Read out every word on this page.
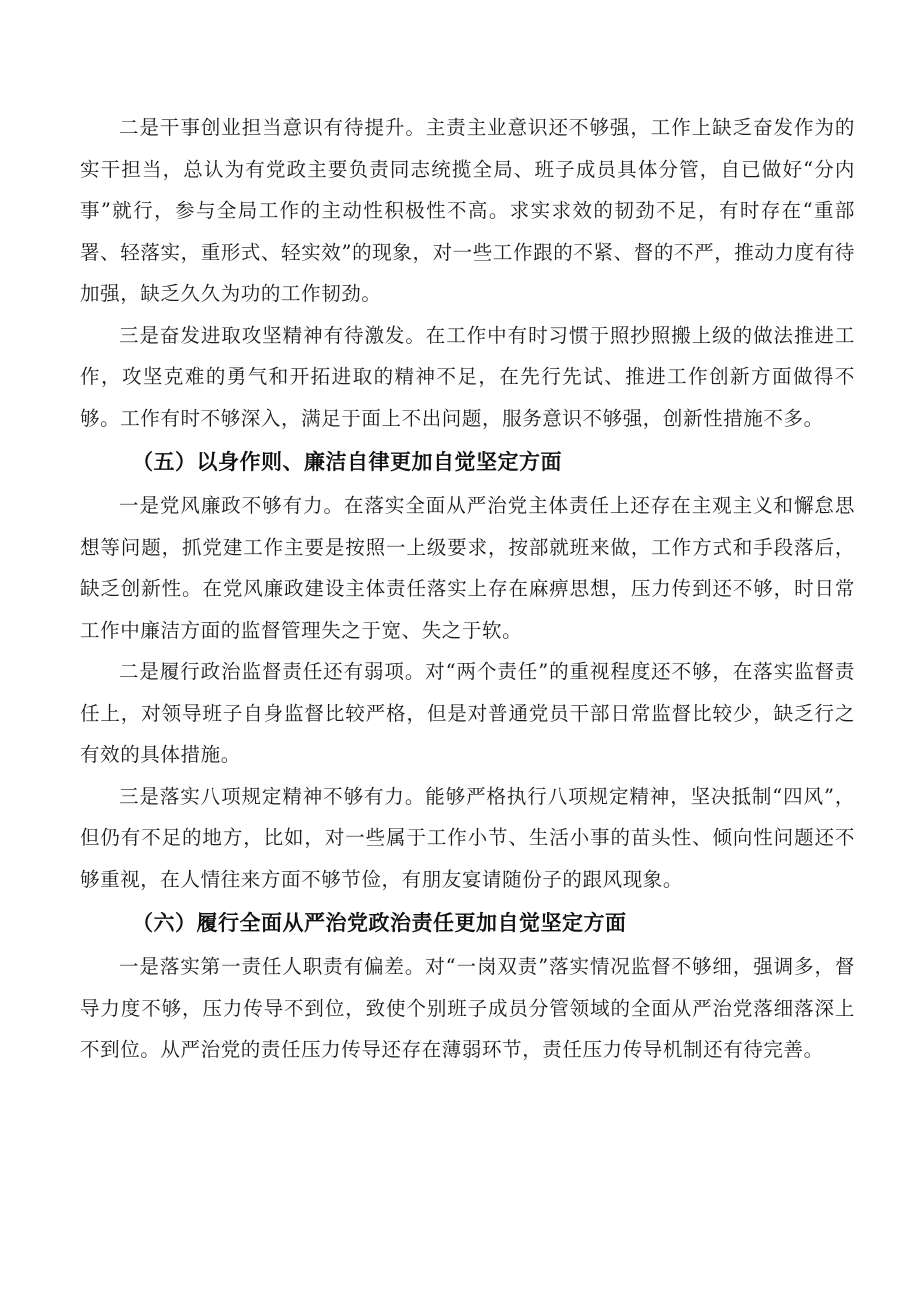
二是干事创业担当意识有待提升。主责主业意识还不够强，工作上缺乏奋发作为的实干担当，总认为有党政主要负责同志统揽全局、班子成员具体分管，自已做好“分内事”就行，参与全局工作的主动性积极性不高。求实求效的韧劲不足，有时存在“重部署、轻落实，重形式、轻实效”的现象，对一些工作跟的不紧、督的不严，推动力度有待加强，缺乏久久为功的工作韧劲。

三是奋发进取攻坚精神有待激发。在工作中有时习惯于照抄照搬上级的做法推进工作，攻坚克难的勇气和开拓进取的精神不足，在先行先试、推进工作创新方面做得不够。工作有时不够深入，满足于面上不出问题，服务意识不够强，创新性措施不多。

（五）以身作则、廉洁自律更加自觉坚定方面

一是党风廉政不够有力。在落实全面从严治党主体责任上还存在主观主义和懈怠思想等问题，抓党建工作主要是按照一上级要求，按部就班来做，工作方式和手段落后，缺乏创新性。在党风廉政建设主体责任落实上存在麻痹思想，压力传到还不够，时日常工作中廉洁方面的监督管理失之于宽、失之于软。

二是履行政治监督责任还有弱项。对“两个责任”的重视程度还不够，在落实监督责任上，对领导班子自身监督比较严格，但是对普通党员干部日常监督比较少，缺乏行之有效的具体措施。

三是落实八项规定精神不够有力。能够严格执行八项规定精神，坚决抵制“四风”，但仍有不足的地方，比如，对一些属于工作小节、生活小事的苗头性、倾向性问题还不够重视，在人情往来方面不够节俭，有朋友宴请随份子的跟风现象。

（六）履行全面从严治党政治责任更加自觉坚定方面

一是落实第一责任人职责有偏差。对“一岗双责”落实情况监督不够细，强调多，督导力度不够，压力传导不到位，致使个别班子成员分管领域的全面从严治党落细落深上不到位。从严治党的责任压力传导还存在薄弱环节，责任压力传导机制还有待完善。
